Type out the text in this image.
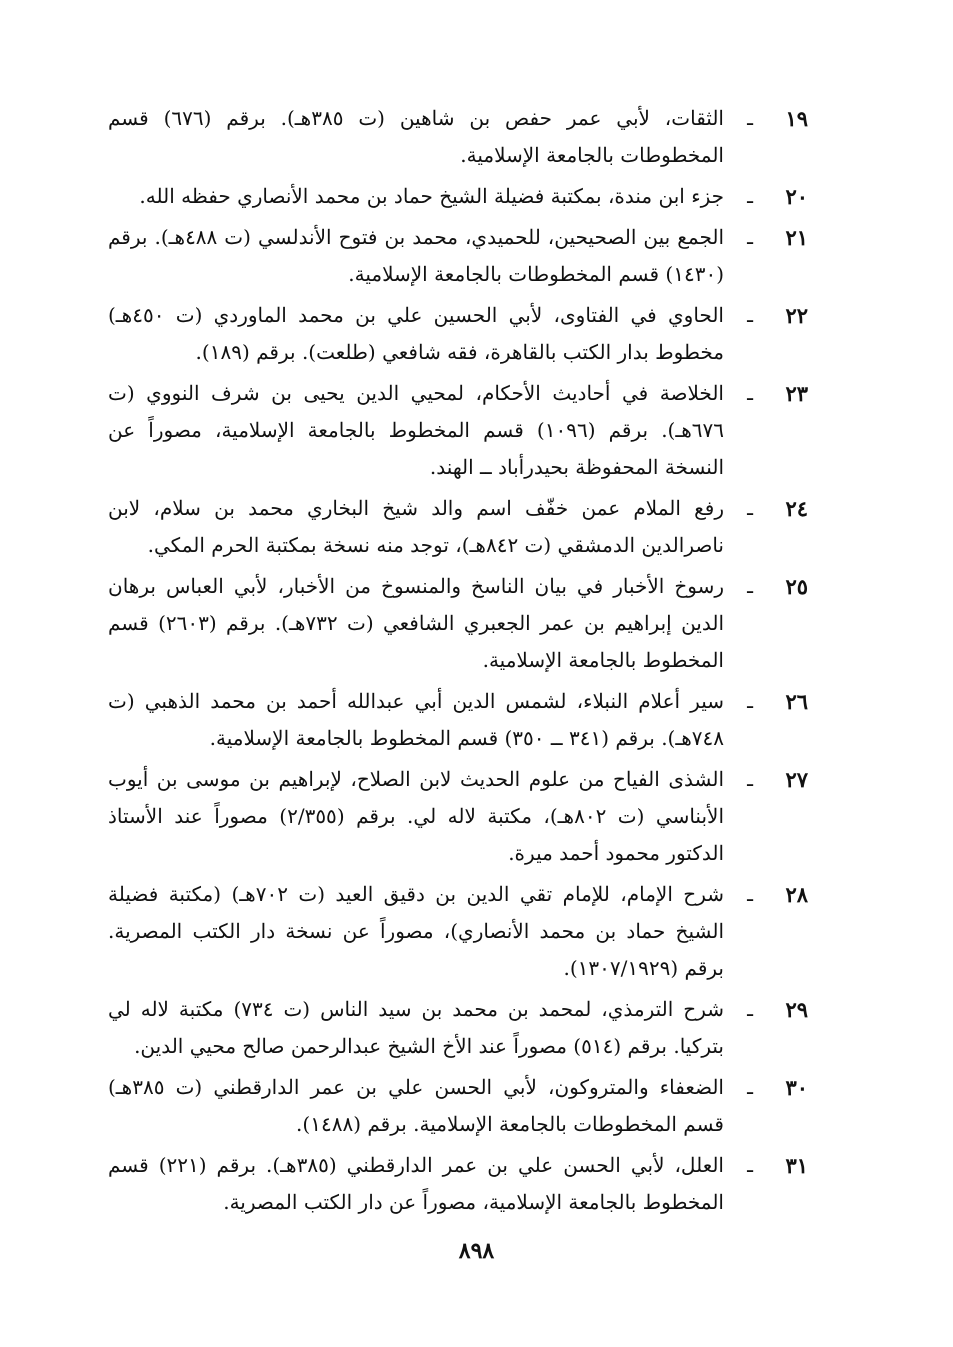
١٩
ـ
الثقات، لأبي عمر حفص بن شاهين (ت ٣٨٥هـ). برقم (٦٧٦) قسم المخطوطات بالجامعة الإسلامية.
٢٠
ـ
جزء ابن مندة، بمكتبة فضيلة الشيخ حماد بن محمد الأنصاري حفظه الله.
٢١
ـ
الجمع بين الصحيحين، للحميدي، محمد بن فتوح الأندلسي (ت ٤٨٨هـ). برقم (١٤٣٠) قسم المخطوطات بالجامعة الإسلامية.
٢٢
ـ
الحاوي في الفتاوى، لأبي الحسين علي بن محمد الماوردي (ت ٤٥٠هـ) مخطوط بدار الكتب بالقاهرة، فقه شافعي (طلعت). برقم (١٨٩).
٢٣
ـ
الخلاصة في أحاديث الأحكام، لمحيي الدين يحيى بن شرف النووي (ت ٦٧٦هـ). برقم (١٠٩٦) قسم المخطوط بالجامعة الإسلامية، مصوراً عن النسخة المحفوظة بحيدرأباد ــ الهند.
٢٤
ـ
رفع الملام عمن خفّف اسم والد شيخ البخاري محمد بن سلام، لابن ناصرالدين الدمشقي (ت ٨٤٢هـ)، توجد منه نسخة بمكتبة الحرم المكي.
٢٥
ـ
رسوخ الأخبار في بيان الناسخ والمنسوخ من الأخبار، لأبي العباس برهان الدين إبراهيم بن عمر الجعبري الشافعي (ت ٧٣٢هـ). برقم (٢٦٠٣) قسم المخطوط بالجامعة الإسلامية.
٢٦
ـ
سير أعلام النبلاء، لشمس الدين أبي عبدالله أحمد بن محمد الذهبي (ت ٧٤٨هـ). برقم (٣٤١ ــ ٣٥٠) قسم المخطوط بالجامعة الإسلامية.
٢٧
ـ
الشذى الفياح من علوم الحديث لابن الصلاح، لإبراهيم بن موسى بن أيوب الأبناسي (ت ٨٠٢هـ)، مكتبة لاله لي. برقم (٢/٣٥٥) مصوراً عند الأستاذ الدكتور محمود أحمد ميرة.
٢٨
ـ
شرح الإمام، للإمام تقي الدين بن دقيق العيد (ت ٧٠٢هـ) (مكتبة فضيلة الشيخ حماد بن محمد الأنصاري)، مصوراً عن نسخة دار الكتب المصرية. برقم (١٣٠٧/١٩٢٩).
٢٩
ـ
شرح الترمذي، لمحمد بن محمد بن سيد الناس (ت ٧٣٤) مكتبة لاله لي بتركيا. برقم (٥١٤) مصوراً عند الأخ الشيخ عبدالرحمن صالح محيي الدين.
٣٠
ـ
الضعفاء والمتروكون، لأبي الحسن علي بن عمر الدارقطني (ت ٣٨٥هـ) قسم المخطوطات بالجامعة الإسلامية. برقم (١٤٨٨).
٣١
ـ
العلل، لأبي الحسن علي بن عمر الدارقطني (٣٨٥هـ). برقم (٢٢١) قسم المخطوط بالجامعة الإسلامية، مصوراً عن دار الكتب المصرية.
٨٩٨
